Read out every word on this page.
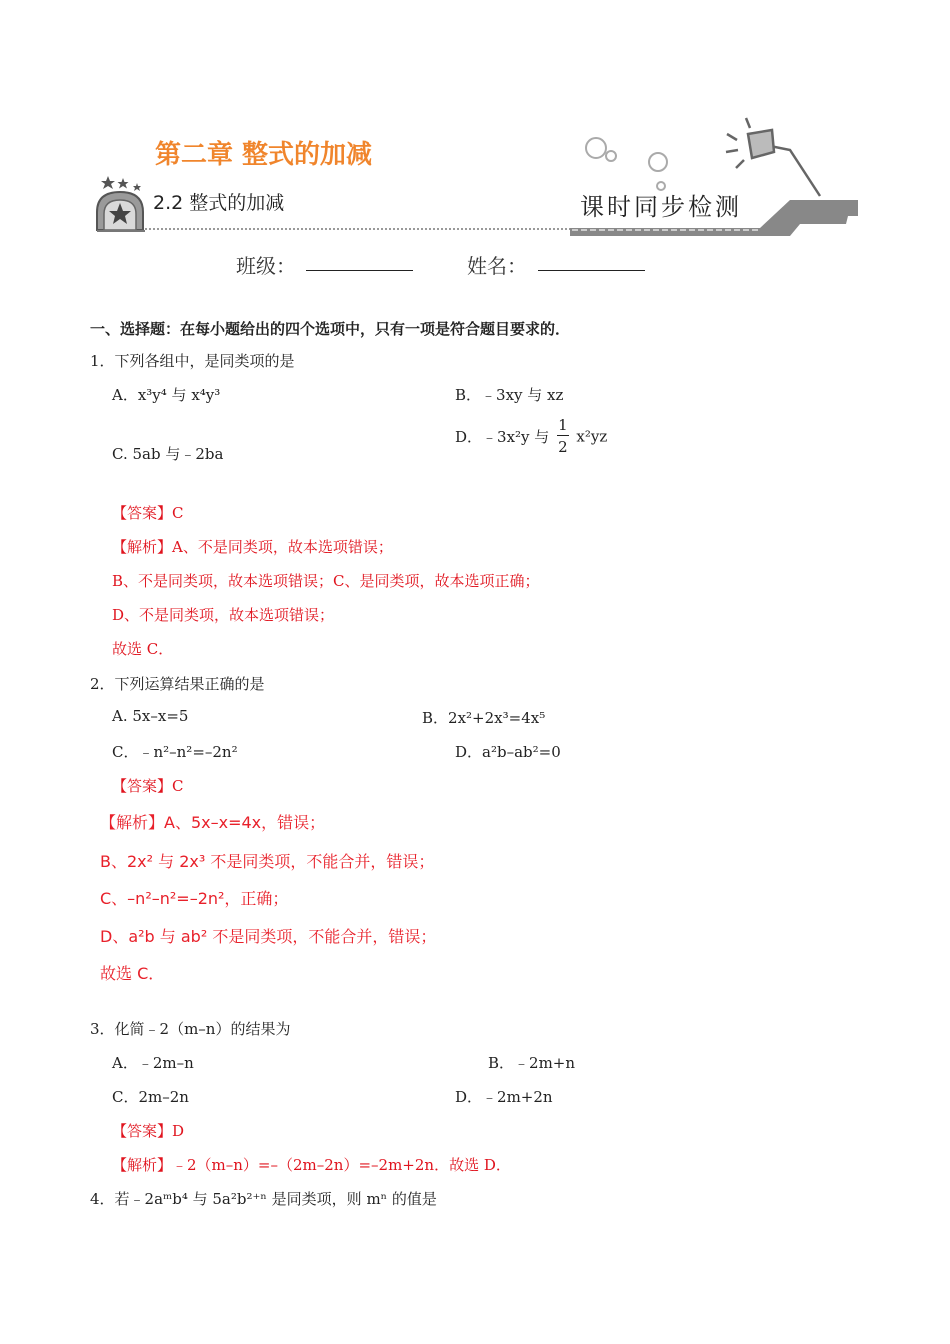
第二章 整式的加减
2.2 整式的加减	课时同步检测
班级：	姓名：
一、选择题：在每小题给出的四个选项中，只有一项是符合题目要求的．
1．下列各组中，是同类项的是
A．x³y⁴ 与 x⁴y³	B．﹣3xy 与 xz
C. 5ab 与﹣2ba
D．﹣3x²y 与 $\frac{1}{2} x^2yz$
【答案】C
【解析】A、不是同类项，故本选项错误；
B、不是同类项，故本选项错误；C、是同类项，故本选项正确；
D、不是同类项，故本选项错误；
故选 C．
2．下列运算结果正确的是
A. 5x–x=5	B．2x²+2x³=4x⁵
C．﹣n²–n²=–2n²	D．a²b–ab²=0
【答案】C
【解析】A、5x–x=4x，错误；
B、2x² 与 2x³ 不是同类项，不能合并，错误；
C、–n²–n²=–2n²，正确；
D、a²b 与 ab² 不是同类项，不能合并，错误；
故选 C．
3．化简﹣2（m–n）的结果为
A．﹣2m–n	B．﹣2m+n
C．2m–2n	D．﹣2m+2n
【答案】D
【解析】﹣2（m–n）=–（2m–2n）=–2m+2n．故选 D．
4．若﹣2aᵐb⁴ 与 5a²b²⁺ⁿ 是同类项，则 mⁿ 的值是
